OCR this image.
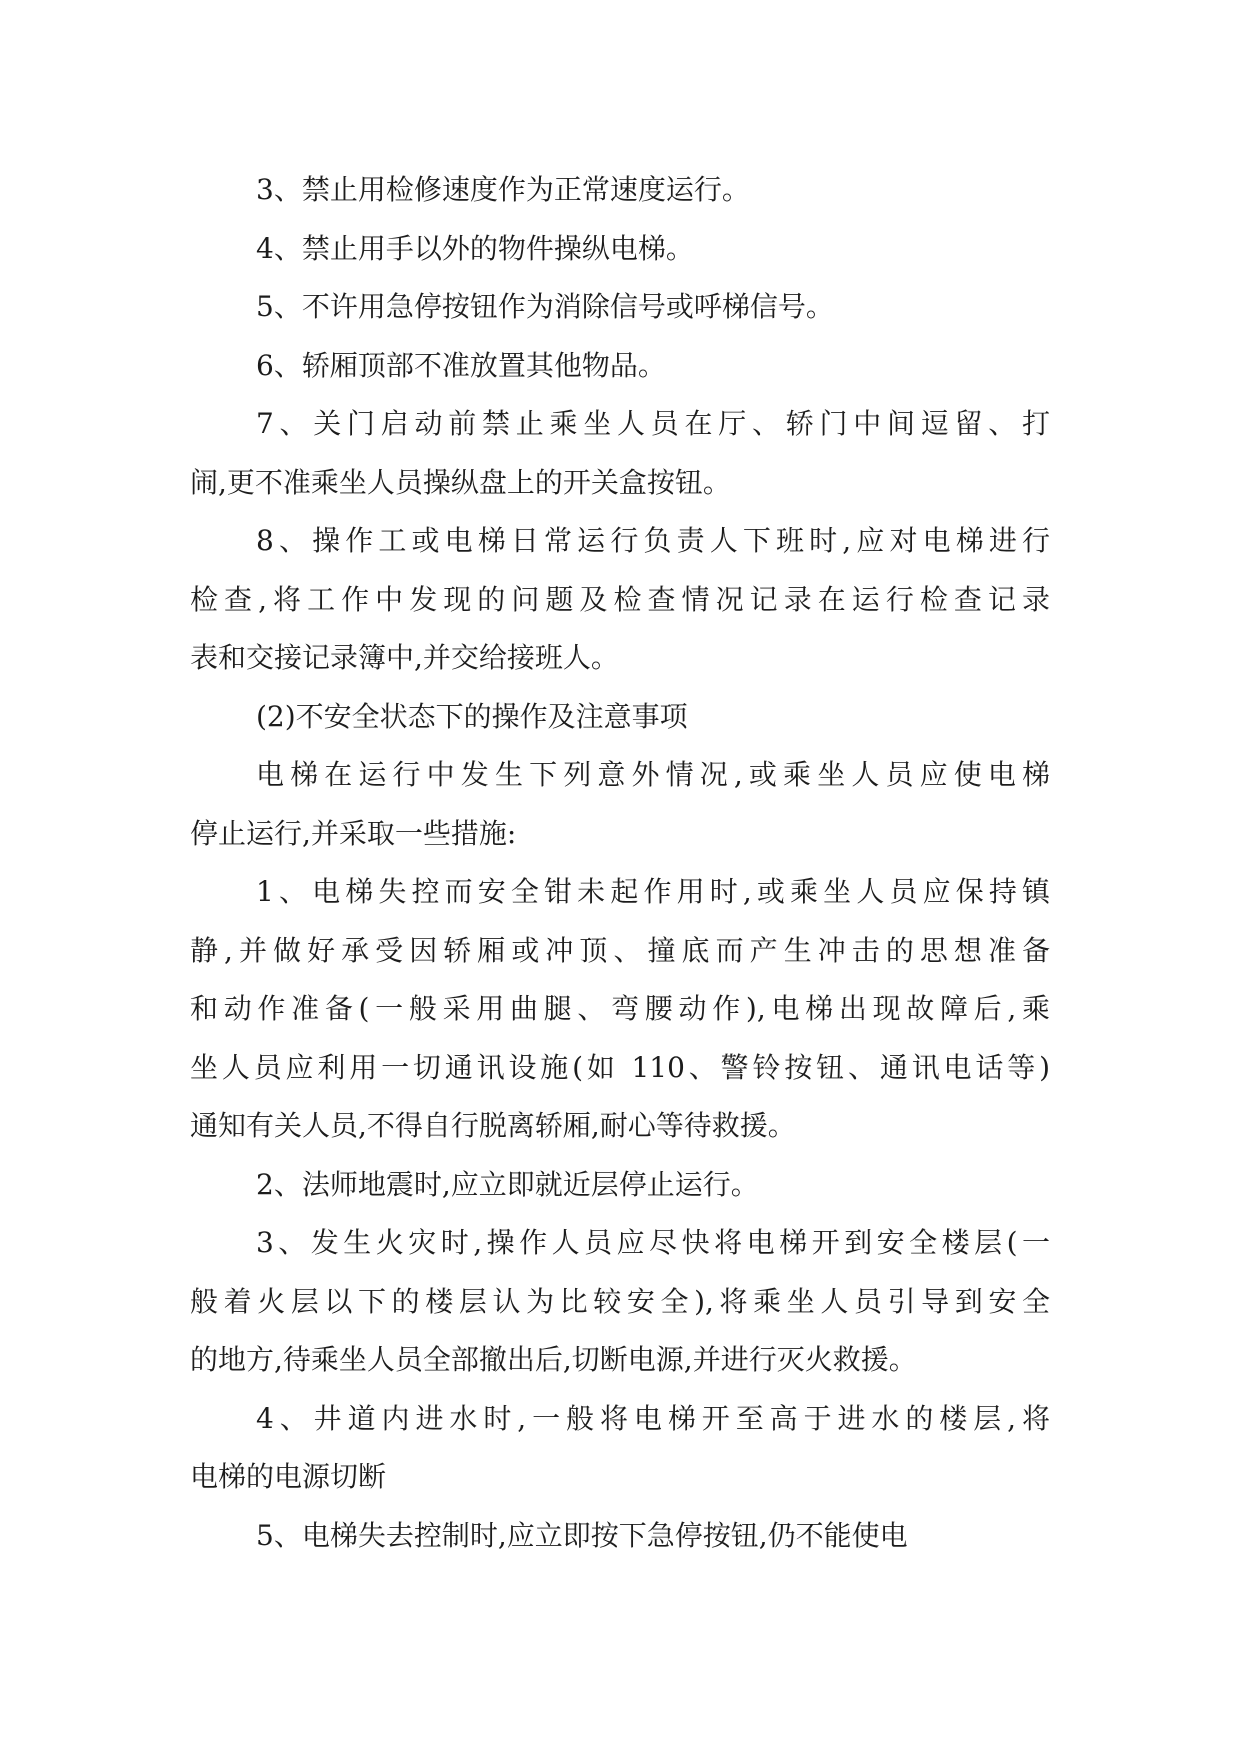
3、禁止用检修速度作为正常速度运行。
4、禁止用手以外的物件操纵电梯。
5、不许用急停按钮作为消除信号或呼梯信号。
6、轿厢顶部不准放置其他物品。
7、关门启动前禁止乘坐人员在厅、轿门中间逗留、打
闹,更不准乘坐人员操纵盘上的开关盒按钮。
8、操作工或电梯日常运行负责人下班时,应对电梯进行
检查,将工作中发现的问题及检查情况记录在运行检查记录
表和交接记录簿中,并交给接班人。
(2)不安全状态下的操作及注意事项
电梯在运行中发生下列意外情况,或乘坐人员应使电梯
停止运行,并采取一些措施:
1、电梯失控而安全钳未起作用时,或乘坐人员应保持镇
静,并做好承受因轿厢或冲顶、撞底而产生冲击的思想准备
和动作准备(一般采用曲腿、弯腰动作),电梯出现故障后,乘
坐人员应利用一切通讯设施(如 110、警铃按钮、通讯电话等)
通知有关人员,不得自行脱离轿厢,耐心等待救援。
2、法师地震时,应立即就近层停止运行。
3、发生火灾时,操作人员应尽快将电梯开到安全楼层(一
般着火层以下的楼层认为比较安全),将乘坐人员引导到安全
的地方,待乘坐人员全部撤出后,切断电源,并进行灭火救援。
4、井道内进水时,一般将电梯开至高于进水的楼层,将
电梯的电源切断
5、电梯失去控制时,应立即按下急停按钮,仍不能使电
